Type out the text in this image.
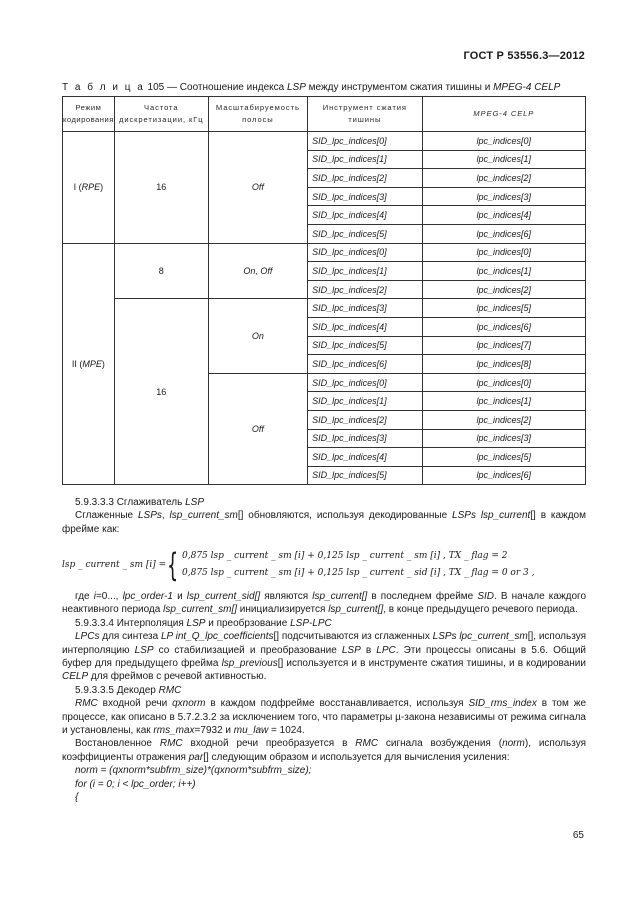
ГОСТ Р 53556.3—2012
Т а б л и ц а 105 — Соотношение индекса LSP между инструментом сжатия тишины и MPEG-4 CELP
Режим кодирования	Частота дискретизации, кГц	Масштабируемость полосы	Инструмент сжатия тишины	MPEG-4 CELP
I (RPE)	16	Off	SID_lpc_indices[0]	lpc_indices[0]
			SID_lpc_indices[1]	lpc_indices[1]
			SID_lpc_indices[2]	lpc_indices[2]
			SID_lpc_indices[3]	lpc_indices[3]
			SID_lpc_indices[4]	lpc_indices[4]
			SID_lpc_indices[5]	lpc_indices[6]
II (MPE)	8	On, Off	SID_lpc_indices[0]	lpc_indices[0]
			SID_lpc_indices[1]	lpc_indices[1]
			SID_lpc_indices[2]	lpc_indices[2]
	16	On	SID_lpc_indices[3]	lpc_indices[5]
			SID_lpc_indices[4]	lpc_indices[6]
			SID_lpc_indices[5]	lpc_indices[7]
			SID_lpc_indices[6]	lpc_indices[8]
		Off	SID_lpc_indices[0]	lpc_indices[0]
			SID_lpc_indices[1]	lpc_indices[1]
			SID_lpc_indices[2]	lpc_indices[2]
			SID_lpc_indices[3]	lpc_indices[3]
			SID_lpc_indices[4]	lpc_indices[5]
			SID_lpc_indices[5]	lpc_indices[6]

5.9.3.3.3 Сглаживатель LSP

Сглаженные LSPs, lsp_current_sm[] обновляются, используя декодированные LSPs lsp_current[] в каждом фрейме как:

lsp _ current _ sm [i] = { 0,875 lsp _ current _ sm [i] + 0,125 lsp _ current _ sm [i] , TX _ flag = 2
0,875 lsp _ current _ sm [i] + 0,125 lsp _ current _ sid [i] , TX _ flag = 0 or 3 ,

где i=0..., lpc_order-1 и lsp_current_sid[] являются lsp_current[] в последнем фрейме SID. В начале каждого неактивного периода lsp_current_sm[] инициализируется lsp_current[], в конце предыдущего речевого периода.

5.9.3.3.4 Интерполяция LSP и преобрзование LSP-LPC

LPCs для синтеза LP int_Q_lpc_coefficients[] подсчитываются из сглаженных LSPs lpc_current_sm[], используя интерполяцию LSP со стабилизацией и преобразование LSP в LPC. Эти процессы описаны в 5.6. Общий буфер для предыдущего фрейма lsp_previous[] используется и в инструменте сжатия тишины, и в кодировании CELP для фреймов с речевой активностью.

5.9.3.3.5 Декодер RMC

RMC входной речи qxnorm в каждом подфрейме восстанавливается, используя SID_rms_index в том же процессе, как описано в 5.7.2.3.2 за исключением того, что параметры µ-закона независимы от режима сигнала и установлены, как rms_max=7932 и mu_law = 1024.

Востановленное RMC входной речи преобразуется в RMC сигнала возбуждения (norm), используя коэффициенты отражения par[] следующим образом и используется для вычисления усиления:

norm = (qxnorm*subfrm_size)*(qxnorm*subfrm_size);

for (i = 0; i < lpc_order; i++)

{

65
